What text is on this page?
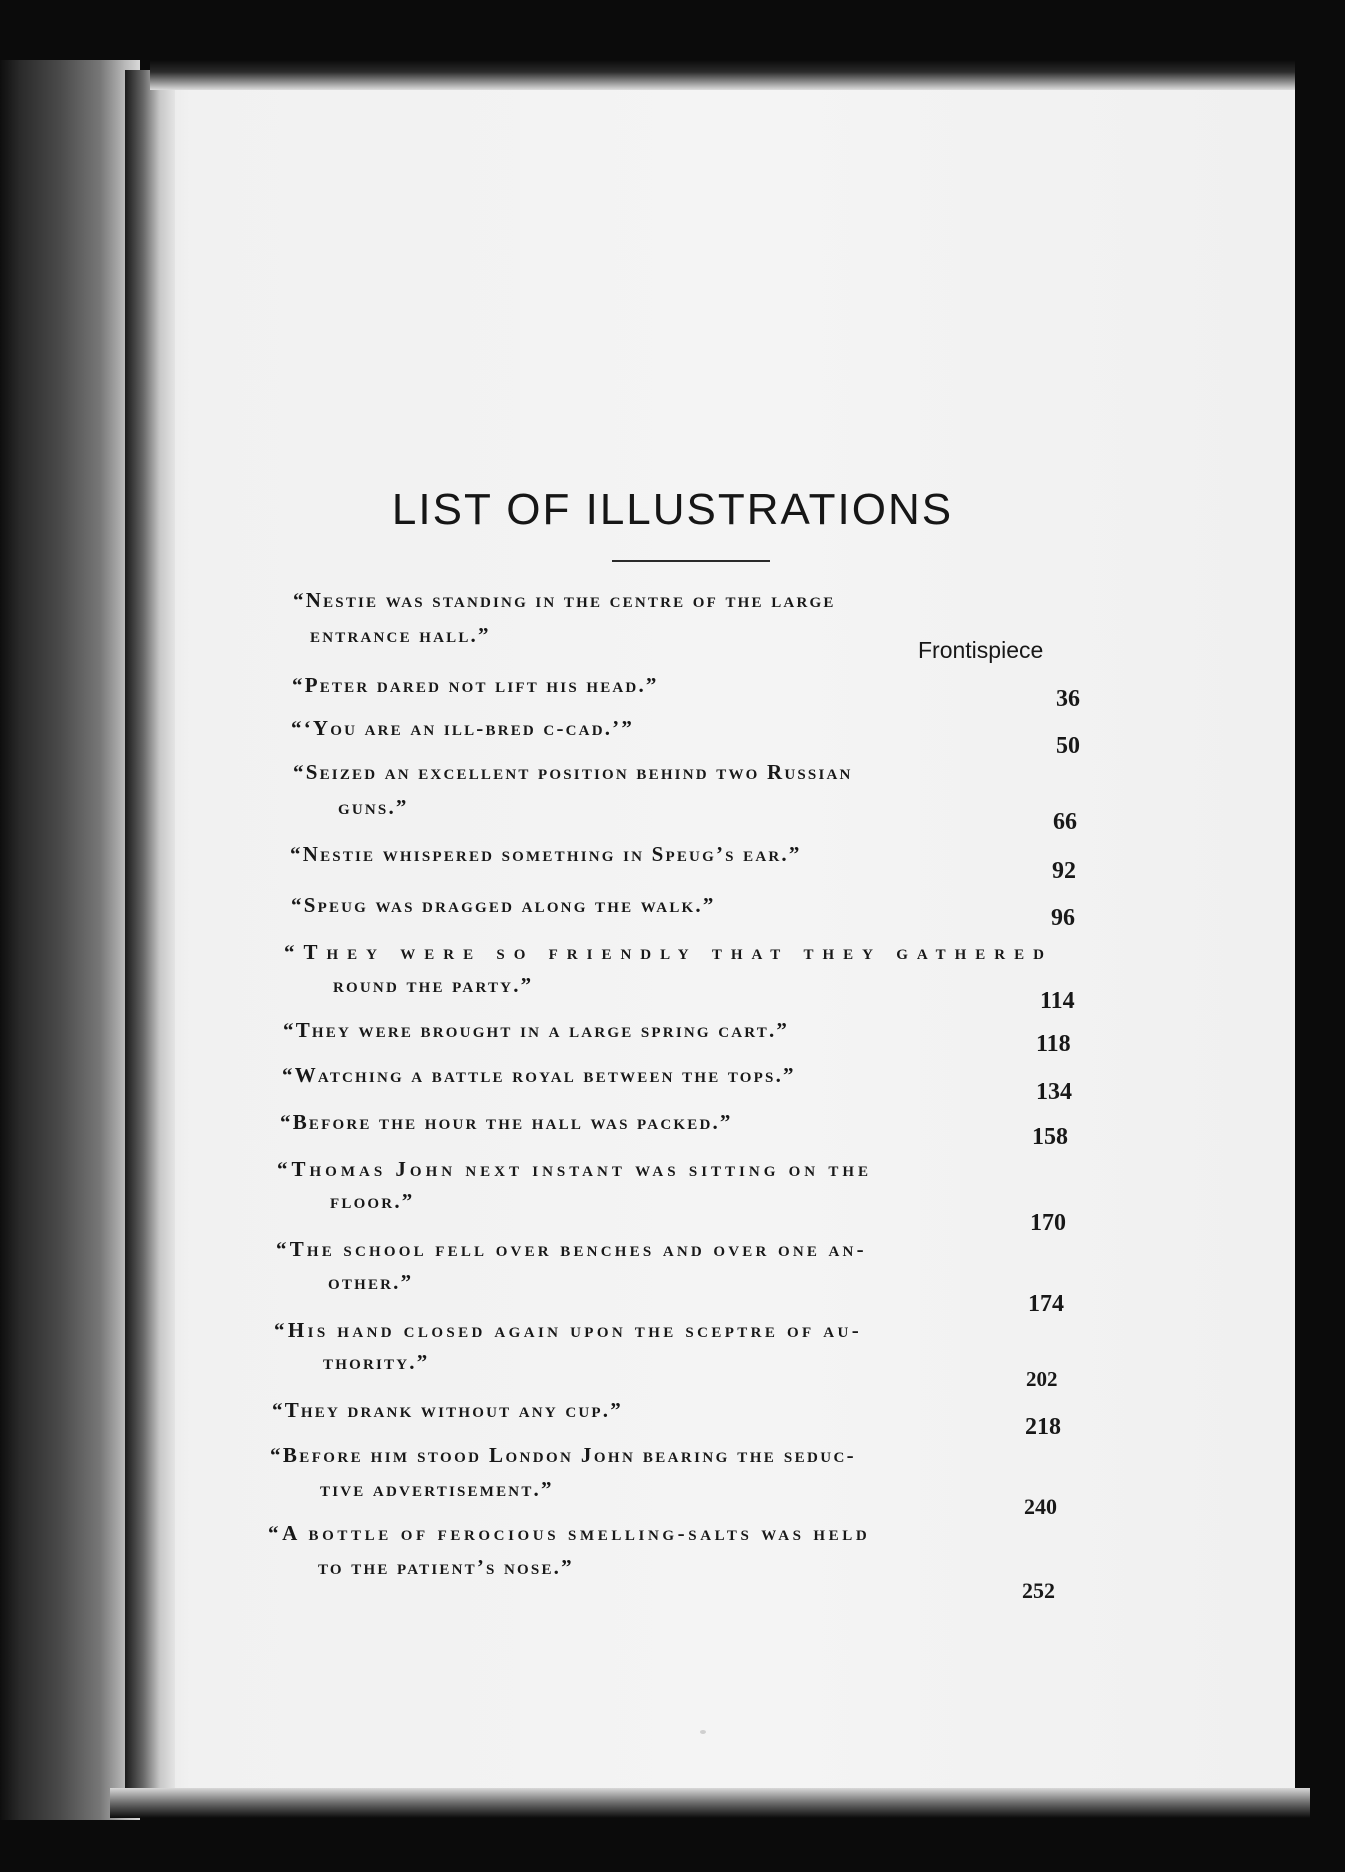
LIST OF ILLUSTRATIONS
“Nestie was standing in the centre of the large
entrance hall.”
Frontispiece
“Peter dared not lift his head.”
36
“‘You are an ill-bred c-cad.’”
50
“Seized an excellent position behind two Russian
guns.”
66
“Nestie whispered something in Speug’s ear.”
92
“Speug was dragged along the walk.”	96
“They were so friendly that they gathered
round the party.”
114
“They were brought in a large spring cart.”
118
“Watching a battle royal between the tops.”
134
“Before the hour the hall was packed.”
158
“Thomas John next instant was sitting on the
floor.”
170
“The school fell over benches and over one an-
other.”
174
“His hand closed again upon the sceptre of au-
thority.”
202
“They drank without any cup.”
218
“Before him stood London John bearing the seduc-
tive advertisement.”
240
“A bottle of ferocious smelling-salts was held
to the patient’s nose.”
252
